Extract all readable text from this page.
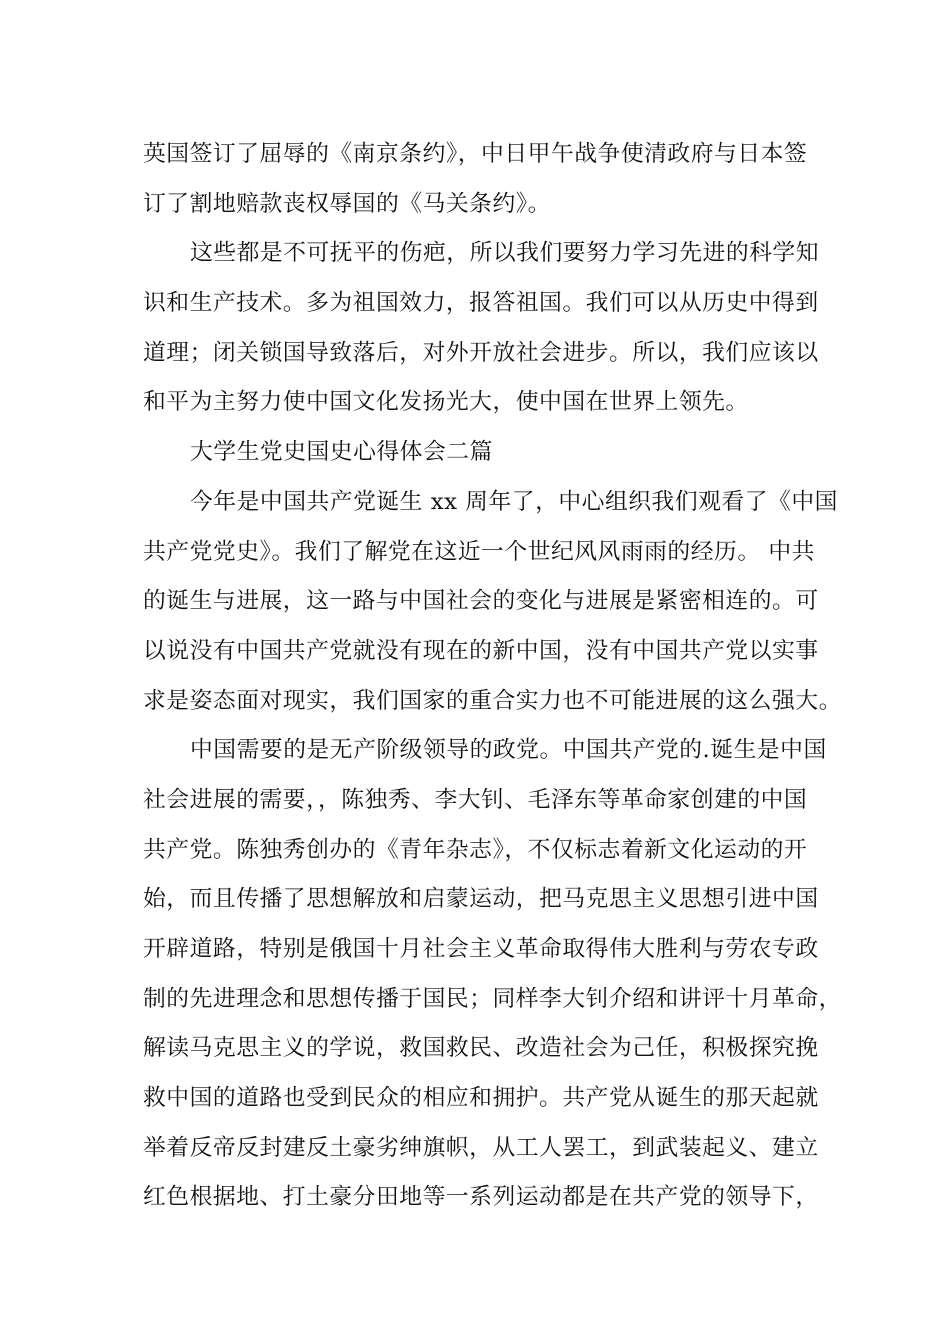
英国签订了屈辱的《南京条约》，中日甲午战争使清政府与日本签
订了割地赔款丧权辱国的《马关条约》。
这些都是不可抚平的伤疤，所以我们要努力学习先进的科学知
识和生产技术。多为祖国效力，报答祖国。我们可以从历史中得到
道理；闭关锁国导致落后，对外开放社会进步。所以，我们应该以
和平为主努力使中国文化发扬光大，使中国在世界上领先。
大学生党史国史心得体会二篇
今年是中国共产党诞生 xx 周年了，中心组织我们观看了《中国
共产党党史》。我们了解党在这近一个世纪风风雨雨的经历。 中共
的诞生与进展，这一路与中国社会的变化与进展是紧密相连的。可
以说没有中国共产党就没有现在的新中国，没有中国共产党以实事
求是姿态面对现实，我们国家的重合实力也不可能进展的这么强大。
中国需要的是无产阶级领导的政党。中国共产党的.诞生是中国
社会进展的需要，，陈独秀、李大钊、毛泽东等革命家创建的中国
共产党。陈独秀创办的《青年杂志》，不仅标志着新文化运动的开
始，而且传播了思想解放和启蒙运动，把马克思主义思想引进中国
开辟道路，特别是俄国十月社会主义革命取得伟大胜利与劳农专政
制的先进理念和思想传播于国民；同样李大钊介绍和讲评十月革命，
解读马克思主义的学说，救国救民、改造社会为己任，积极探究挽
救中国的道路也受到民众的相应和拥护。共产党从诞生的那天起就
举着反帝反封建反土豪劣绅旗帜，从工人罢工，到武装起义、建立
红色根据地、打土豪分田地等一系列运动都是在共产党的领导下，
